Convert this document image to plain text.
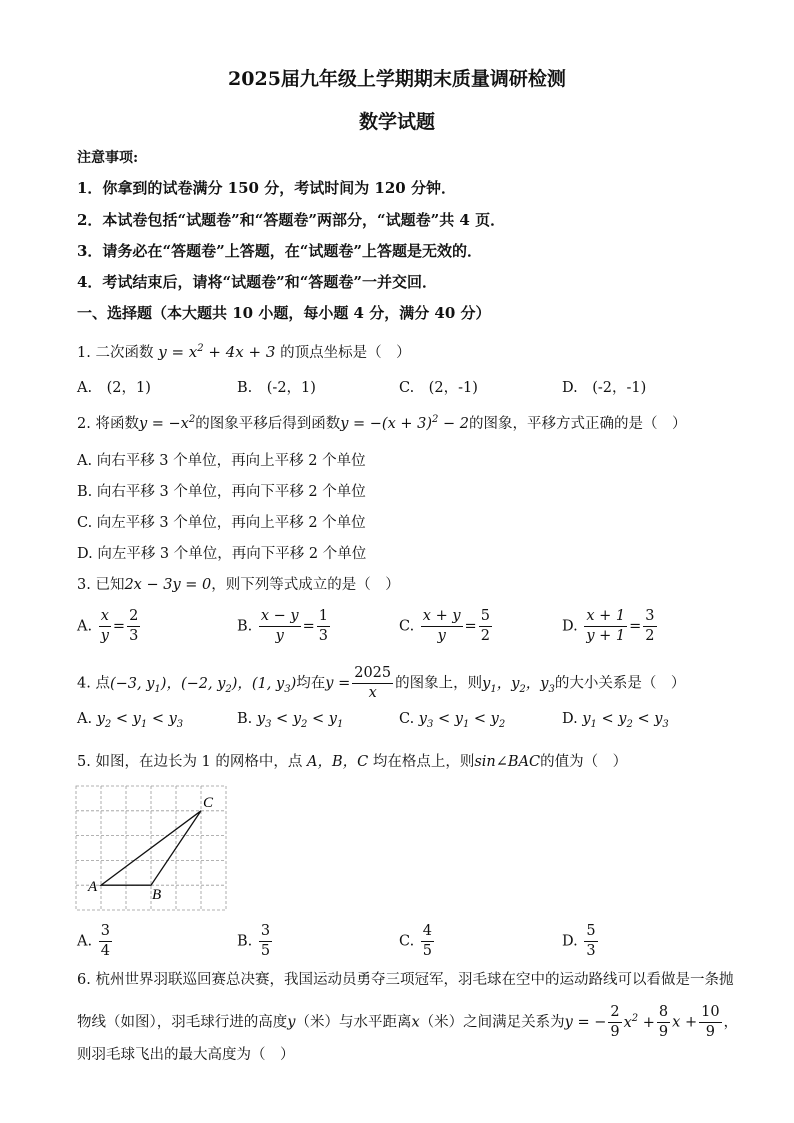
2025届九年级上学期期末质量调研检测
数学试题
注意事项:
1．你拿到的试卷满分 150 分，考试时间为 120 分钟．
2．本试卷包括“试题卷”和“答题卷”两部分，“试题卷”共 4 页．
3．请务必在“答题卷”上答题，在“试题卷”上答题是无效的．
4．考试结束后，请将“试题卷”和“答题卷”一并交回．
一、选择题（本大题共 10 小题，每小题 4 分，满分 40 分）
1. 二次函数 $y = x^2 + 4x + 3$ 的顶点坐标是（　）
A.　(2，1)	B.　(-2，1)	C.　(2，-1)	D.　(-2，-1)
2. 将函数$y = -x^2$的图象平移后得到函数$y = -(x + 3)^2 - 2$的图象，平移方式正确的是（　）
A. 向右平移 3 个单位，再向上平移 2 个单位
B. 向右平移 3 个单位，再向下平移 2 个单位
C. 向左平移 3 个单位，再向上平移 2 个单位
D. 向左平移 3 个单位，再向下平移 2 个单位
3. 已知2x − 3y = 0，则下列等式成立的是（　）
A. $\frac{x}{y} = \frac{2}{3}$	B. $\frac{x - y}{y} = \frac{1}{3}$	C. $\frac{x + y}{y} = \frac{5}{2}$	D. $\frac{x + 1}{y + 1} = \frac{3}{2}$
4. 点(−3, $y_1$)，(−2, $y_2$)，(1, $y_3$)均在$y = \frac{2025}{x}$ 的图象上，则$y_1$，$y_2$，$y_3$的大小关系是（　）
A. $y_2 < y_1 < y_3$	B. $y_3 < y_2 < y_1$	C. $y_3 < y_1 < y_2$	D. $y_1 < y_2 < y_3$
5. 如图，在边长为 1 的网格中，点 A，B，C 均在格点上，则sin∠BAC的值为（　）
A	B
C
A. $\frac{3}{4}$	B. $\frac{3}{5}$	C. $\frac{4}{5}$	D. $\frac{5}{3}$
6. 杭州世界羽联巡回赛总决赛，我国运动员勇夺三项冠军，羽毛球在空中的运动路线可以看做是一条抛
物线（如图），羽毛球行进的高度y（米）与水平距离x（米）之间满足关系为y = − $\frac{2}{9} x^2 + \frac{8}{9}$ $x + \frac{10}{9}$ ，
则羽毛球飞出的最大高度为（　）
